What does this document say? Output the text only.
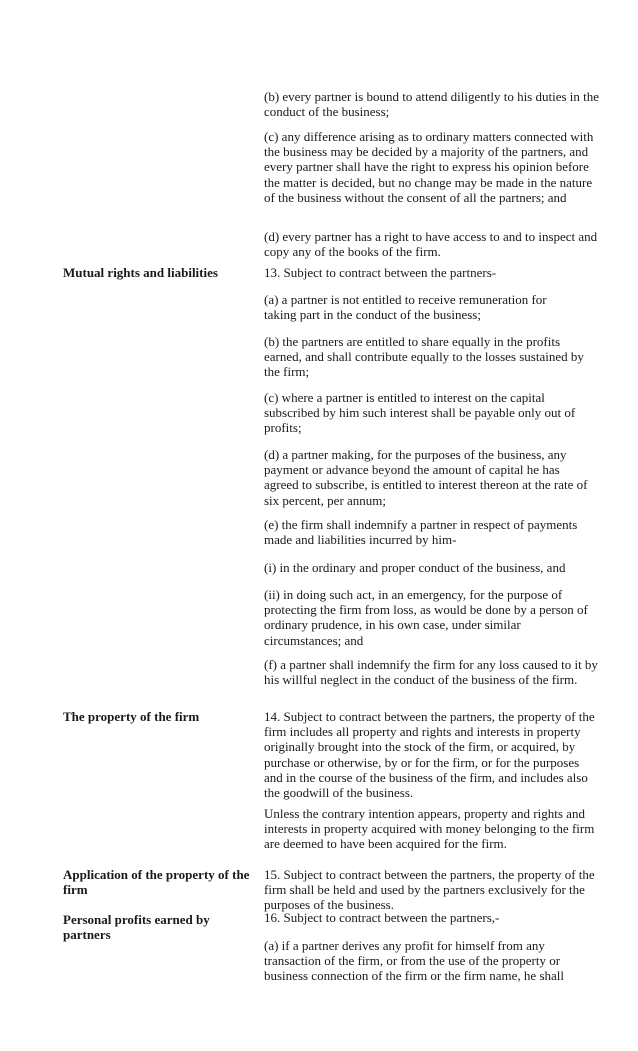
(b) every partner is bound to attend diligently to his duties in the conduct of the business;

(c) any difference arising as to ordinary matters connected with the business may be decided by a majority of the partners, and every partner shall have the right to express his opinion before the matter is decided, but no change may be made in the nature of the business without the consent of all the partners; and

(d) every partner has a right to have access to and to inspect and copy any of the books of the firm.

Mutual rights and liabilities	13. Subject to contract between the partners-

(a) a partner is not entitled to receive remuneration for taking part in the conduct of the business;

(b) the partners are entitled to share equally in the profits earned, and shall contribute equally to the losses sustained by the firm;

(c) where a partner is entitled to interest on the capital subscribed by him such interest shall be payable only out of profits;

(d) a partner making, for the purposes of the business, any payment or advance beyond the amount of capital he has agreed to subscribe, is entitled to interest thereon at the rate of six percent, per annum;

(e) the firm shall indemnify a partner in respect of payments made and liabilities incurred by him-

(i) in the ordinary and proper conduct of the business, and

(ii) in doing such act, in an emergency, for the purpose of protecting the firm from loss, as would be done by a person of ordinary prudence, in his own case, under similar circumstances; and

(f) a partner shall indemnify the firm for any loss caused to it by his willful neglect in the conduct of the business of the firm.

The property of the firm	14. Subject to contract between the partners, the property of the firm includes all property and rights and interests in property originally brought into the stock of the firm, or acquired, by purchase or otherwise, by or for the firm, or for the purposes and in the course of the business of the firm, and includes also the goodwill of the business.

Unless the contrary intention appears, property and rights and interests in property acquired with money belonging to the firm are deemed to have been acquired for the firm.

Application of the property of the firm

15. Subject to contract between the partners, the property of the firm shall be held and used by the partners exclusively for the purposes of the business.

Personal profits earned by partners

16. Subject to contract between the partners,-

(a) if a partner derives any profit for himself from any transaction of the firm, or from the use of the property or business connection of the firm or the firm name, he shall
